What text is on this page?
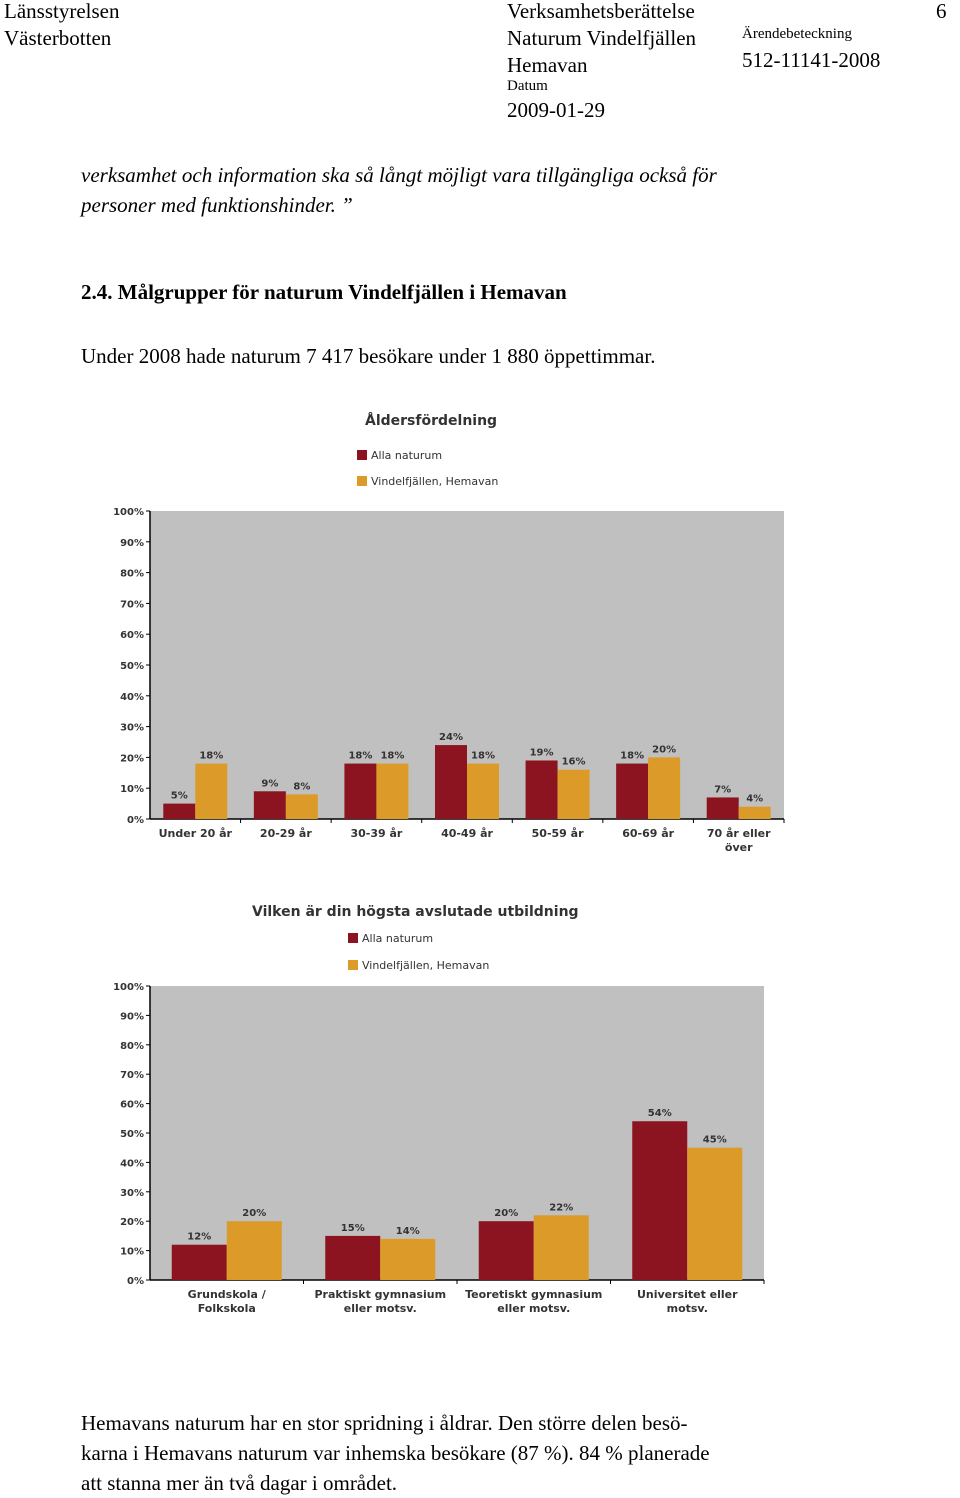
Länsstyrelsen
Västerbotten
Verksamhetsberättelse
Naturum Vindelfjällen
Hemavan
Datum
2009-01-29
Ärendebeteckning
512-11141-2008
6
verksamhet och information ska så långt möjligt vara tillgängliga också för
personer med funktionshinder. ”
2.4. Målgrupper för naturum Vindelfjällen i Hemavan
Under 2008 hade naturum 7 417 besökare under 1 880 öppettimmar.
Åldersfördelning
Alla naturum
Vindelfjällen, Hemavan
0%
10%
20%
30%
40%
50%
60%
70%
80%
90%
100%
5%
18%
Under 20 år
9% 8%
20-29 år
18% 18%
30-39 år
24%
18%
40-49 år
19%
16%
50-59 år
18%
20%
60-69 år
7%
4%
70 år eller
över
Vilken är din högsta avslutade utbildning
Alla naturum
Vindelfjällen, Hemavan
0%
10%
20%
30%
40%
50%
60%
70%
80%
90%
100%
12%
20%
Grundskola /
Folkskola
15%	14%
Praktiskt gymnasium
eller motsv.
20%
22%
Teoretiskt gymnasium
eller motsv.
54%
45%
Universitet eller
motsv.
Hemavans naturum har en stor spridning i åldrar. Den större delen besö-
karna i Hemavans naturum var inhemska besökare (87 %). 84 % planerade
att stanna mer än två dagar i området.
